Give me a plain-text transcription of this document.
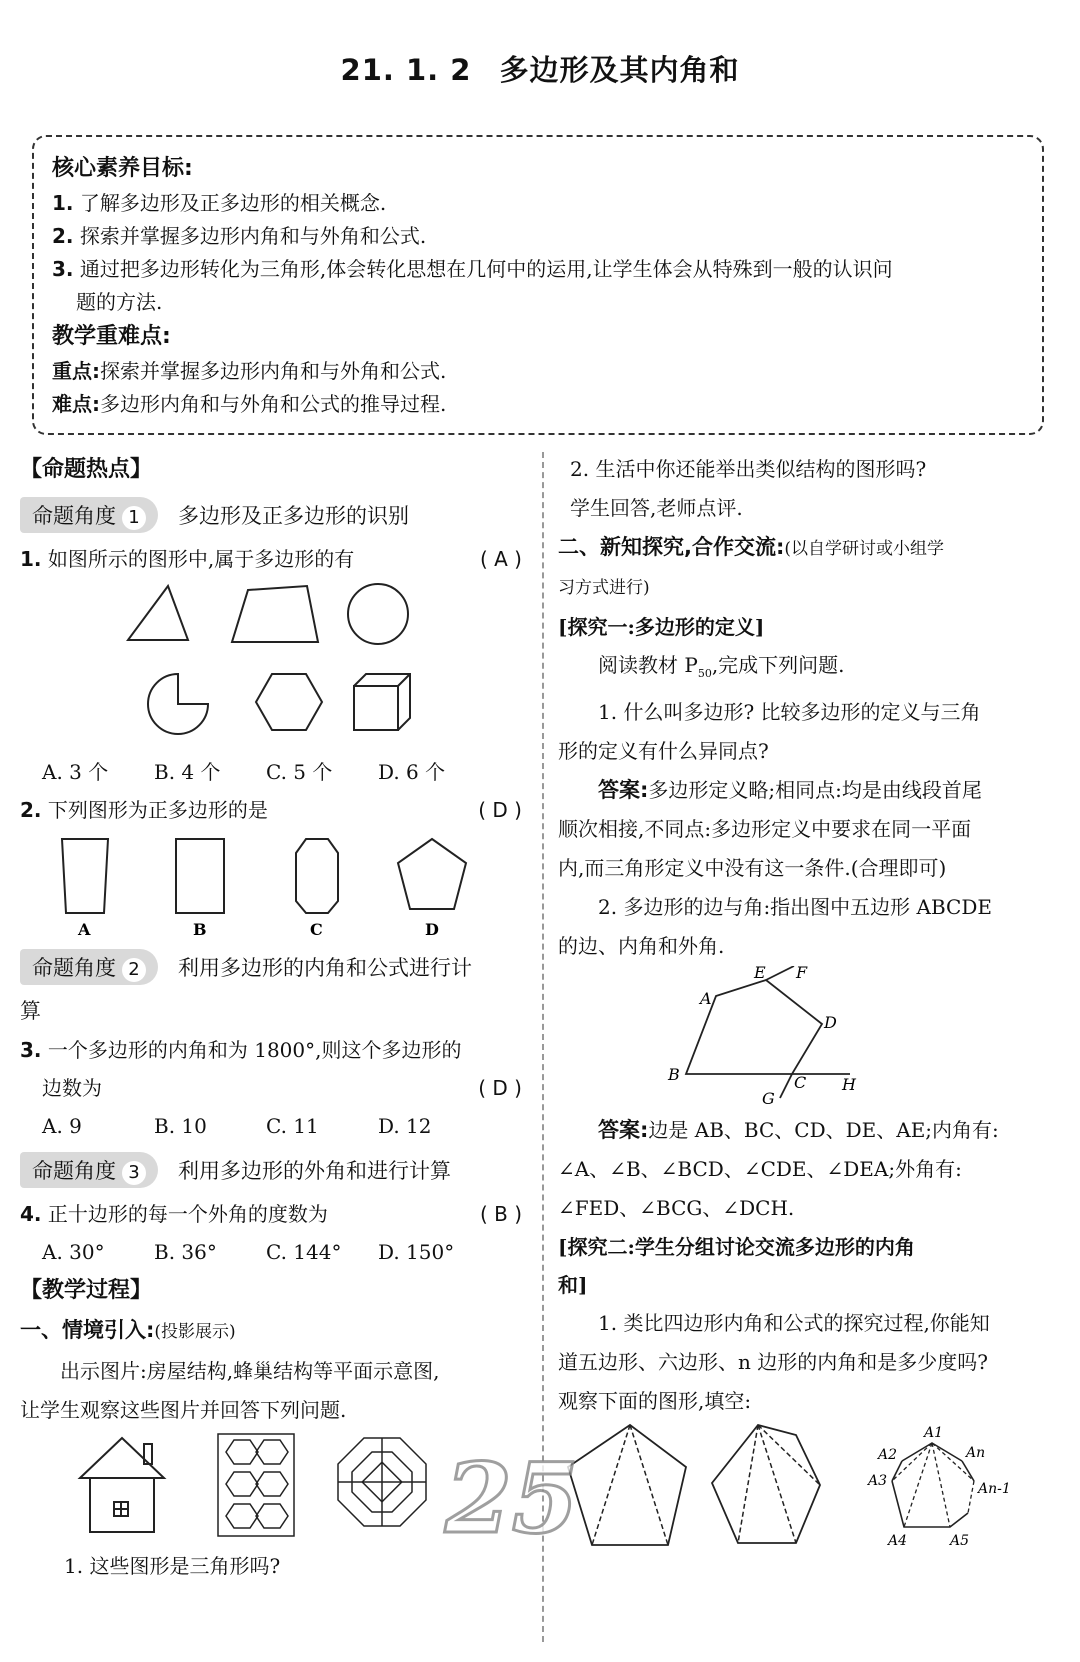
21. 1. 2 多边形及其内角和
核心素养目标:
1. 了解多边形及正多边形的相关概念.
2. 探索并掌握多边形内角和与外角和公式.
3. 通过把多边形转化为三角形,体会转化思想在几何中的运用,让学生体会从特殊到一般的认识问
题的方法.
教学重难点:
重点:探索并掌握多边形内角和与外角和公式.
难点:多边形内角和与外角和公式的推导过程.
【命题热点】
命题角度 1	多边形及正多边形的识别
1. 如图所示的图形中,属于多边形的有	( A )
A. 3 个	B. 4 个	C. 5 个	D. 6 个
2. 下列图形为正多边形的是	( D )
A	B	C	D
命题角度 2	利用多边形的内角和公式进行计
算
3. 一个多边形的内角和为 1800°,则这个多边形的
边数为	( D )
A. 9	B. 10	C. 11	D. 12
命题角度 3	利用多边形的外角和进行计算
4. 正十边形的每一个外角的度数为	( B )
A. 30°	B. 36°	C. 144°	D. 150°
【教学过程】
一、情境引入:(投影展示)
出示图片:房屋结构,蜂巢结构等平面示意图,
让学生观察这些图片并回答下列问题.
1. 这些图形是三角形吗?
2. 生活中你还能举出类似结构的图形吗?
学生回答,老师点评.
二、新知探究,合作交流:(以自学研讨或小组学
习方式进行)
[探究一:多边形的定义]
阅读教材 $P_{50}$,完成下列问题.
1. 什么叫多边形? 比较多边形的定义与三角
形的定义有什么异同点?
答案:多边形定义略;相同点:均是由线段首尾
顺次相接,不同点:多边形定义中要求在同一平面
内,而三角形定义中没有这一条件.(合理即可)
2. 多边形的边与角:指出图中五边形 ABCDE
的边、内角和外角.
A
E F
D
B	C H
G
答案:边是 AB、BC、CD、DE、AE;内角有:
∠A、∠B、∠BCD、∠CDE、∠DEA;外角有:
∠FED、∠BCG、∠DCH.
[探究二:学生分组讨论交流多边形的内角
和]
1. 类比四边形内角和公式的探究过程,你能知
道五边形、六边形、n 边形的内角和是多少度吗?
观察下面的图形,填空:
A1
A2
A3
A4	A5
An
An-1
25
